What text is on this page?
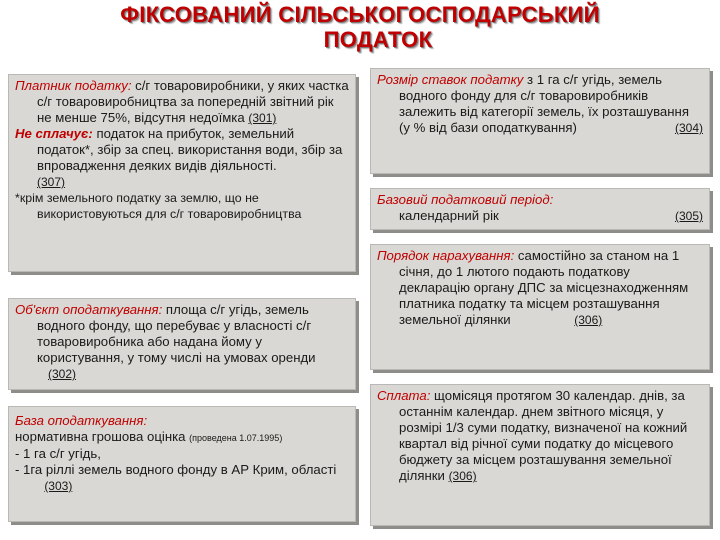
ФІКСОВАНИЙ СІЛЬСЬКОГОСПОДАРСЬКИЙ
ПОДАТОК

Платник податку: с/г товаровиробники, у яких частка с/г товаровиробництва за попередній звітний рік не менше 75%, відсутня недоїмка (301)

Не сплачує: податок на прибуток, земельний податок*, збір за спец. використання води, збір за впровадження деяких видів діяльності.

(307)

*крім земельного податку за землю, що не використовуються для с/г товаровиробництва

Об'єкт оподаткування: площа с/г угідь, земель водного фонду, що перебуває у власності с/г товаровиробника або надана йому у користування, у тому числі на умовах оренди    (302)

База оподаткування:

нормативна грошова оцінка (проведена 1.07.1995)

- 1 га с/г угідь,

- 1га ріллі земель водного фонду в АР Крим, області         (303)

Розмір ставок податку з 1 га с/г угідь, земель водного фонду для с/г товаровиробників залежить від категорії земель, їх розташування (у % від бази оподаткування)	(304)

Базовий податковий період:

календарний рік	(305)

Порядок нарахування: самостійно за станом на 1 січня, до 1 лютого подають податкову декларацію органу ДПС за місцезнаходженням платника податку та місцем розташування земельної ділянки	(306)

Сплата: щомісяця протягом 30 календар. днів, за останнім календар. днем звітного місяця, у розмірі 1/3 суми податку, визначеної на кожний квартал від річної суми податку до місцевого бюджету за місцем розташування земельної ділянки (306)
